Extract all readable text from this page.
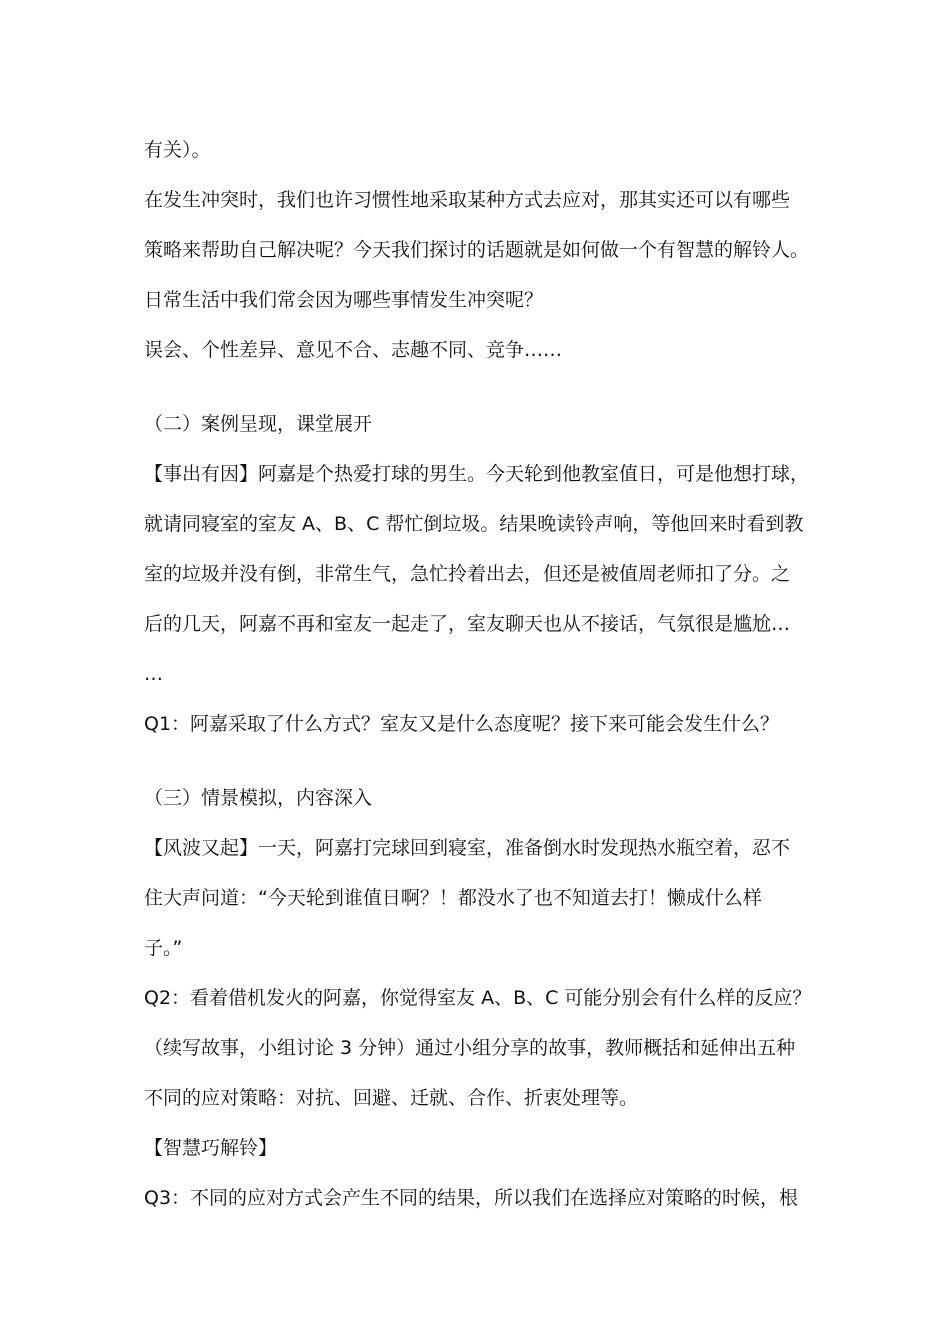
有关）。
在发生冲突时，我们也许习惯性地采取某种方式去应对，那其实还可以有哪些
策略来帮助自己解决呢？今天我们探讨的话题就是如何做一个有智慧的解铃人。
日常生活中我们常会因为哪些事情发生冲突呢？
误会、个性差异、意见不合、志趣不同、竞争……
（二）案例呈现，课堂展开
【事出有因】阿嘉是个热爱打球的男生。今天轮到他教室值日，可是他想打球，
就请同寝室的室友 A、B、C 帮忙倒垃圾。结果晚读铃声响，等他回来时看到教
室的垃圾并没有倒，非常生气，急忙拎着出去，但还是被值周老师扣了分。之
后的几天，阿嘉不再和室友一起走了，室友聊天也从不接话，气氛很是尴尬…
…
Q1：阿嘉采取了什么方式？室友又是什么态度呢？接下来可能会发生什么？
（三）情景模拟，内容深入
【风波又起】一天，阿嘉打完球回到寝室，准备倒水时发现热水瓶空着，忍不
住大声问道：“今天轮到谁值日啊？！都没水了也不知道去打！懒成什么样
子。”
Q2：看着借机发火的阿嘉，你觉得室友 A、B、C 可能分别会有什么样的反应？
（续写故事，小组讨论 3 分钟）通过小组分享的故事，教师概括和延伸出五种
不同的应对策略：对抗、回避、迁就、合作、折衷处理等。
【智慧巧解铃】
Q3：不同的应对方式会产生不同的结果，所以我们在选择应对策略的时候，根
